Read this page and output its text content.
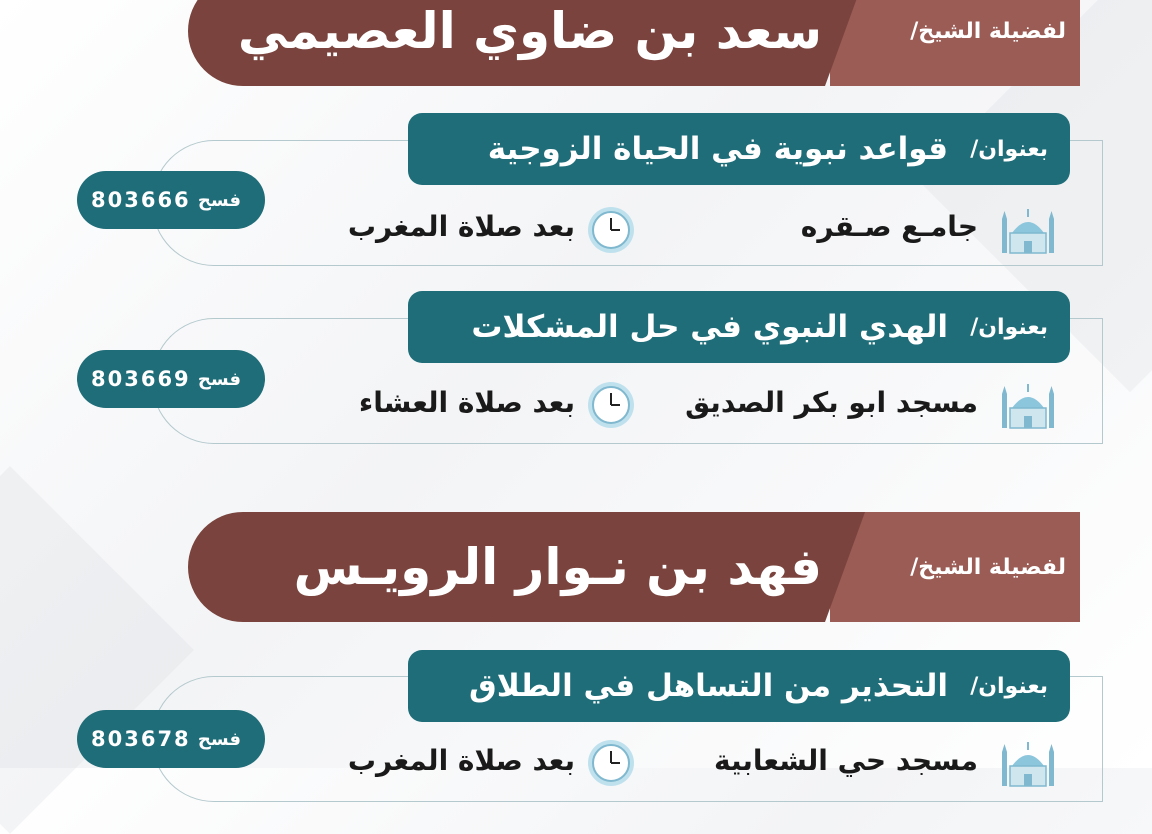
لفضيلة الشيخ/
سعد بن ضاوي العصيمي
بعنوان/
قواعد نبوية في الحياة الزوجية
فسح
803666
جامـع صـقره
بعد صلاة المغرب
بعنوان/
الهدي النبوي في حل المشكلات
فسح
803669
مسجد ابو بكر الصديق
بعد صلاة العشاء
لفضيلة الشيخ/
فهد بن نـوار الرويـس
بعنوان/
التحذير من التساهل في الطلاق
فسح
803678
مسجد حي الشعابية
بعد صلاة المغرب
